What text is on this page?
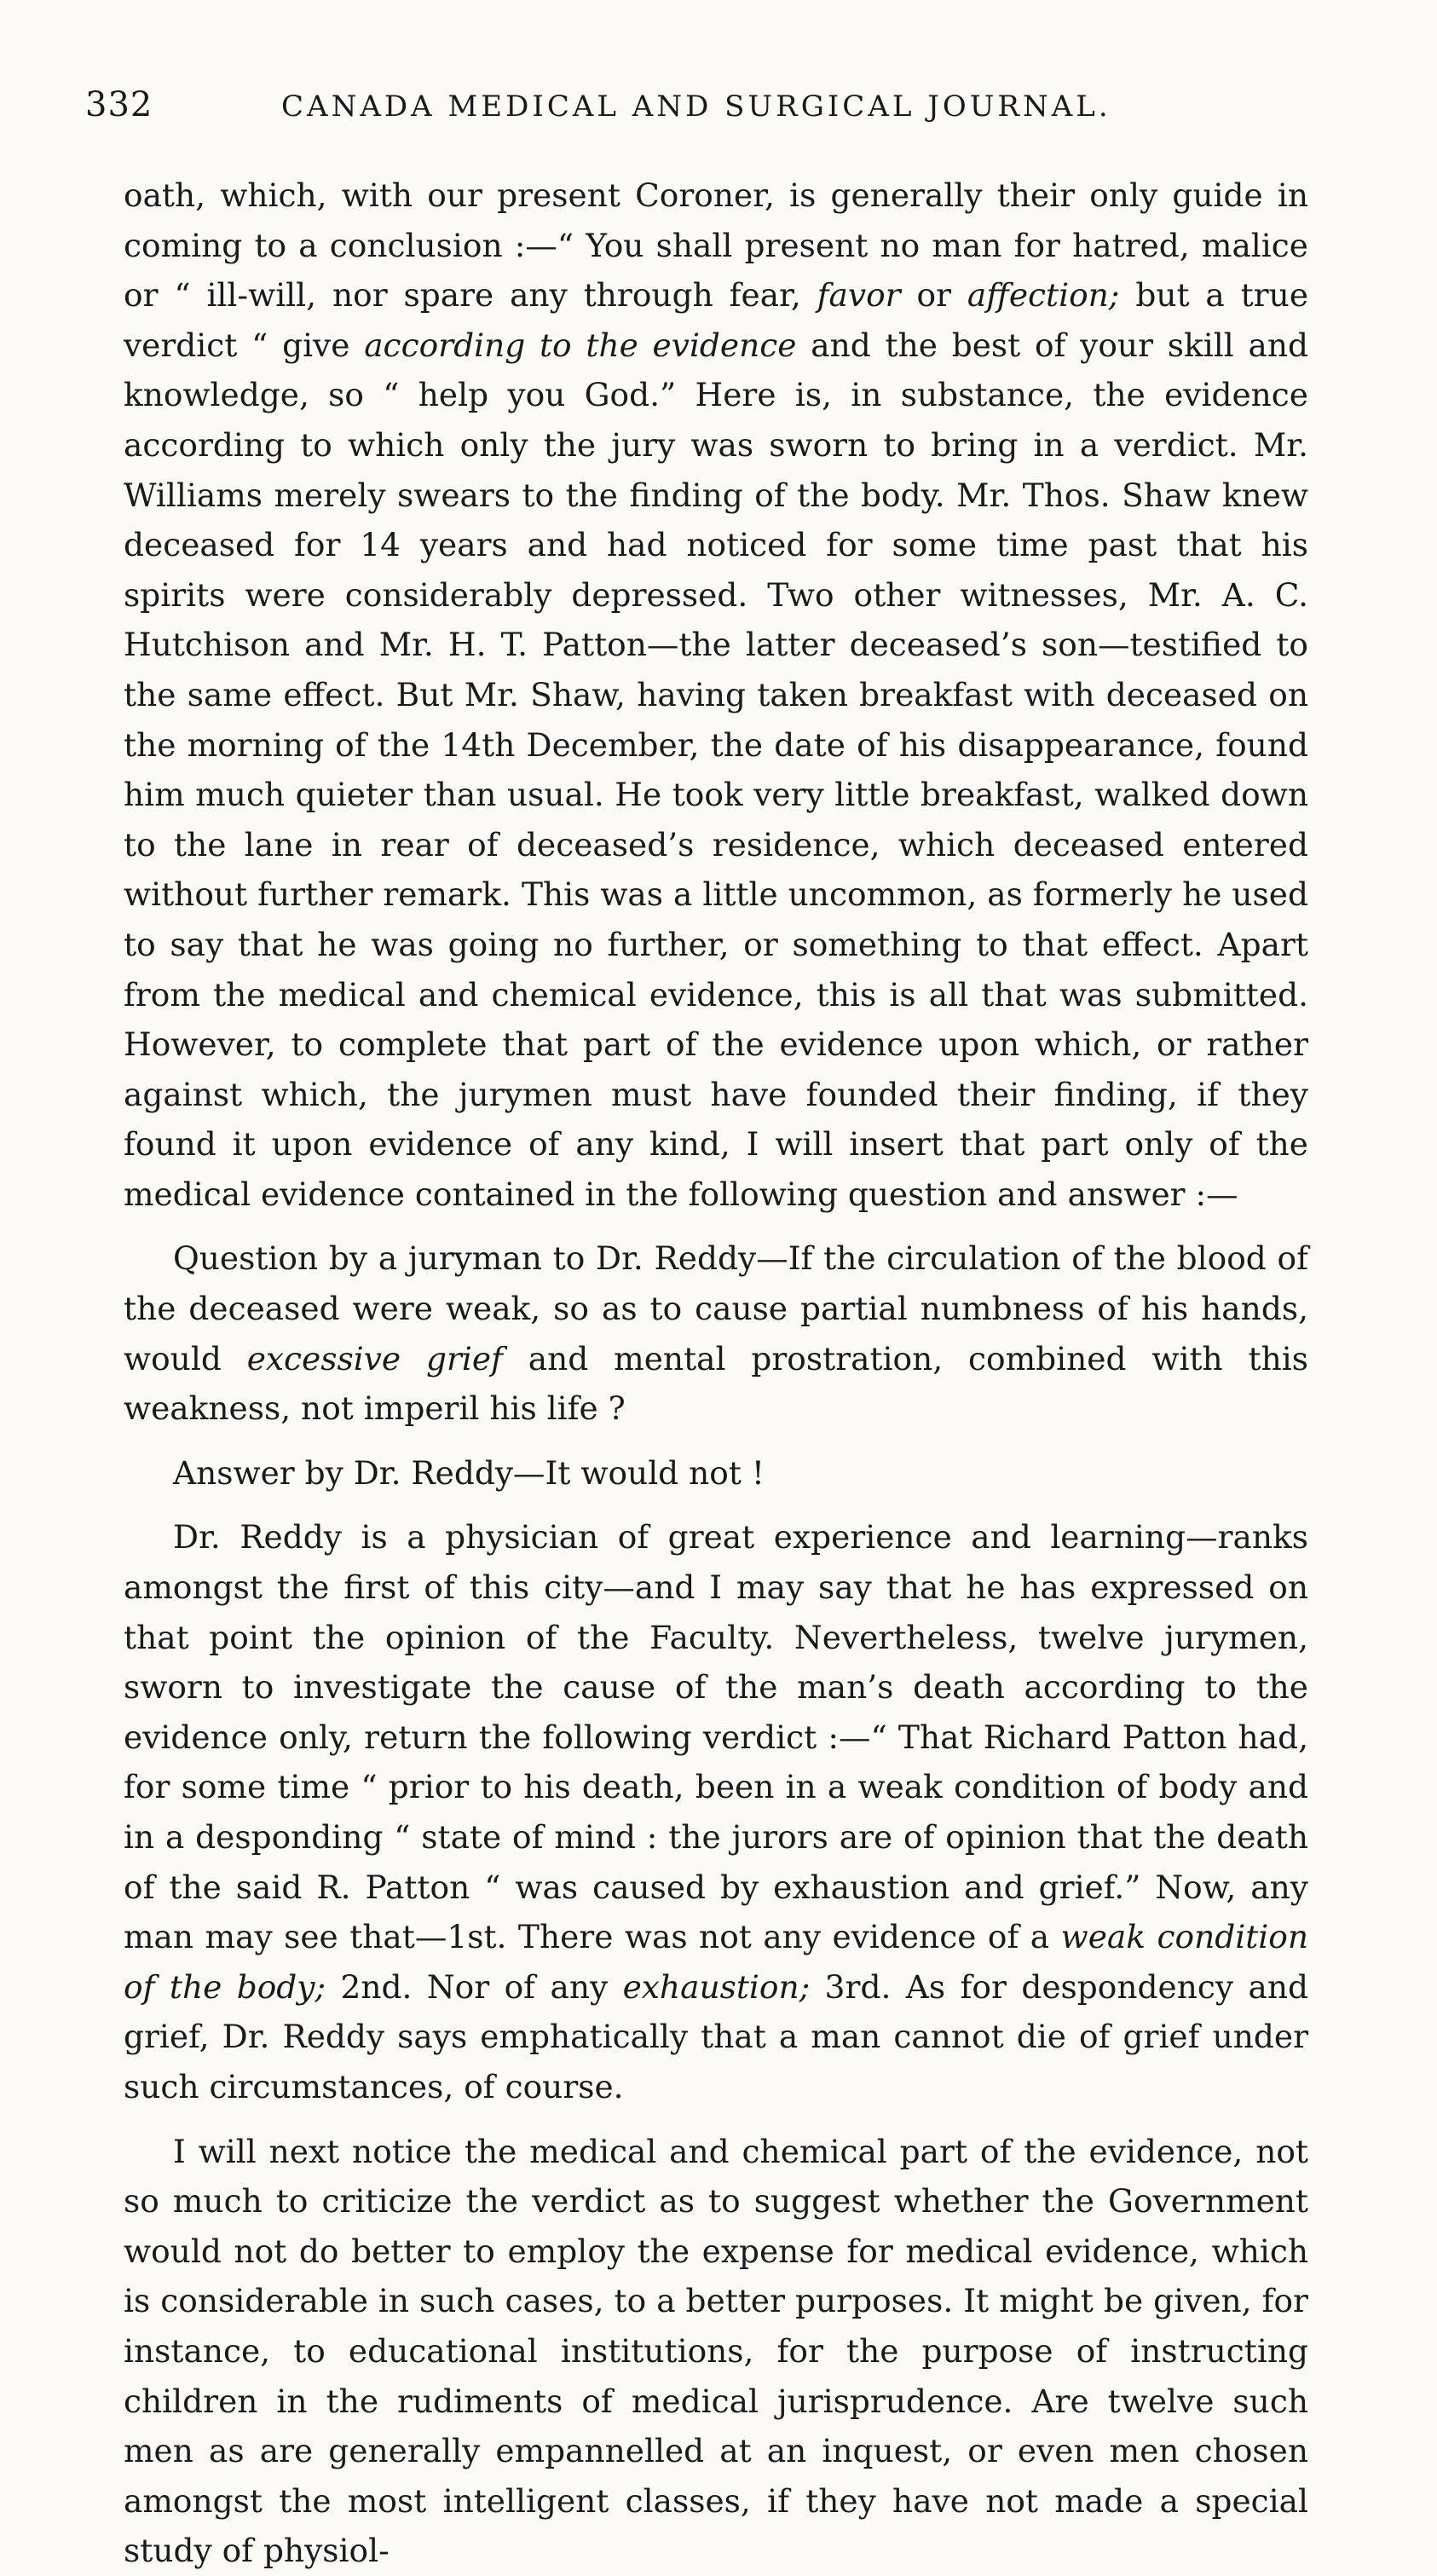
332	CANADA MEDICAL AND SURGICAL JOURNAL.

oath, which, with our present Coroner, is generally their only guide in coming to a conclusion :—“ You shall present no man for hatred, malice or “ ill-will, nor spare any through fear, favor or affection; but a true verdict “ give according to the evidence and the best of your skill and knowledge, so “ help you God.” Here is, in substance, the evidence according to which only the jury was sworn to bring in a verdict. Mr. Williams merely swears to the finding of the body. Mr. Thos. Shaw knew deceased for 14 years and had noticed for some time past that his spirits were considerably depressed. Two other witnesses, Mr. A. C. Hutchison and Mr. H. T. Patton—the latter deceased’s son—testified to the same effect. But Mr. Shaw, having taken breakfast with deceased on the morning of the 14th December, the date of his disappearance, found him much quieter than usual. He took very little breakfast, walked down to the lane in rear of deceased’s residence, which deceased entered without further remark. This was a little uncommon, as formerly he used to say that he was going no further, or something to that effect. Apart from the medical and chemical evidence, this is all that was submitted. However, to complete that part of the evidence upon which, or rather against which, the jurymen must have founded their finding, if they found it upon evidence of any kind, I will insert that part only of the medical evidence contained in the following question and answer :—

Question by a juryman to Dr. Reddy—If the circulation of the blood of the deceased were weak, so as to cause partial numbness of his hands, would excessive grief and mental prostration, combined with this weakness, not imperil his life ?

Answer by Dr. Reddy—It would not !

Dr. Reddy is a physician of great experience and learning—ranks amongst the first of this city—and I may say that he has expressed on that point the opinion of the Faculty. Nevertheless, twelve jurymen, sworn to investigate the cause of the man’s death according to the evidence only, return the following verdict :—“ That Richard Patton had, for some time “ prior to his death, been in a weak condition of body and in a desponding “ state of mind : the jurors are of opinion that the death of the said R. Patton “ was caused by exhaustion and grief.” Now, any man may see that—1st. There was not any evidence of a weak condition of the body; 2nd. Nor of any exhaustion; 3rd. As for despondency and grief, Dr. Reddy says emphatically that a man cannot die of grief under such circumstances, of course.

I will next notice the medical and chemical part of the evidence, not so much to criticize the verdict as to suggest whether the Government would not do better to employ the expense for medical evidence, which is considerable in such cases, to a better purposes. It might be given, for instance, to educational institutions, for the purpose of instructing children in the rudiments of medical jurisprudence. Are twelve such men as are generally empannelled at an inquest, or even men chosen amongst the most intelligent classes, if they have not made a special study of physiol-
